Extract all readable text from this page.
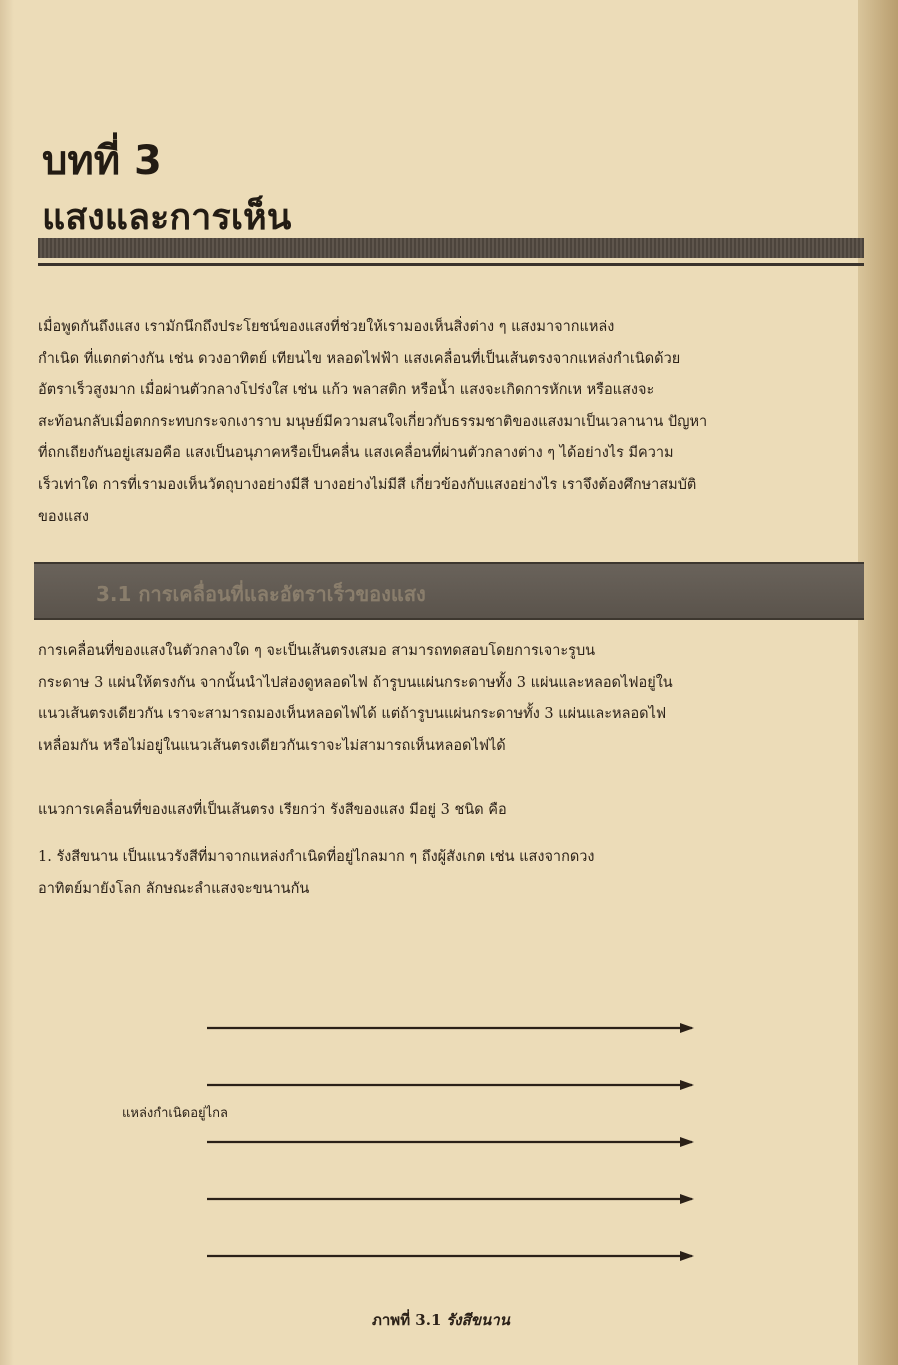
บทที่ 3
แสงและการเห็น
เมื่อพูดกันถึงแสง เรามักนึกถึงประโยชน์ของแสงที่ช่วยให้เรามองเห็นสิ่งต่าง ๆ แสงมาจากแหล่ง
กำเนิด ที่แตกต่างกัน เช่น ดวงอาทิตย์ เทียนไข หลอดไฟฟ้า แสงเคลื่อนที่เป็นเส้นตรงจากแหล่งกำเนิดด้วย
อัตราเร็วสูงมาก เมื่อผ่านตัวกลางโปร่งใส เช่น แก้ว พลาสติก หรือน้ำ แสงจะเกิดการหักเห หรือแสงจะ
สะท้อนกลับเมื่อตกกระทบกระจกเงาราบ มนุษย์มีความสนใจเกี่ยวกับธรรมชาติของแสงมาเป็นเวลานาน ปัญหา
ที่ถกเถียงกันอยู่เสมอคือ แสงเป็นอนุภาคหรือเป็นคลื่น แสงเคลื่อนที่ผ่านตัวกลางต่าง ๆ ได้อย่างไร มีความ
เร็วเท่าใด การที่เรามองเห็นวัตถุบางอย่างมีสี บางอย่างไม่มีสี เกี่ยวข้องกับแสงอย่างไร เราจึงต้องศึกษาสมบัติ
ของแสง
3.1 การเคลื่อนที่และอัตราเร็วของแสง
การเคลื่อนที่ของแสงในตัวกลางใด ๆ จะเป็นเส้นตรงเสมอ สามารถทดสอบโดยการเจาะรูบน
กระดาษ 3 แผ่นให้ตรงกัน จากนั้นนำไปส่องดูหลอดไฟ ถ้ารูบนแผ่นกระดาษทั้ง 3 แผ่นและหลอดไฟอยู่ใน
แนวเส้นตรงเดียวกัน เราจะสามารถมองเห็นหลอดไฟได้ แต่ถ้ารูบนแผ่นกระดาษทั้ง 3 แผ่นและหลอดไฟ
เหลื่อมกัน หรือไม่อยู่ในแนวเส้นตรงเดียวกันเราจะไม่สามารถเห็นหลอดไฟได้
แนวการเคลื่อนที่ของแสงที่เป็นเส้นตรง เรียกว่า รังสีของแสง มีอยู่ 3 ชนิด คือ
1. รังสีขนาน เป็นแนวรังสีที่มาจากแหล่งกำเนิดที่อยู่ไกลมาก ๆ ถึงผู้สังเกต เช่น แสงจากดวง
อาทิตย์มายังโลก ลักษณะลำแสงจะขนานกัน
แหล่งกำเนิดอยู่ไกล
ภาพที่ 3.1 รังสีขนาน
